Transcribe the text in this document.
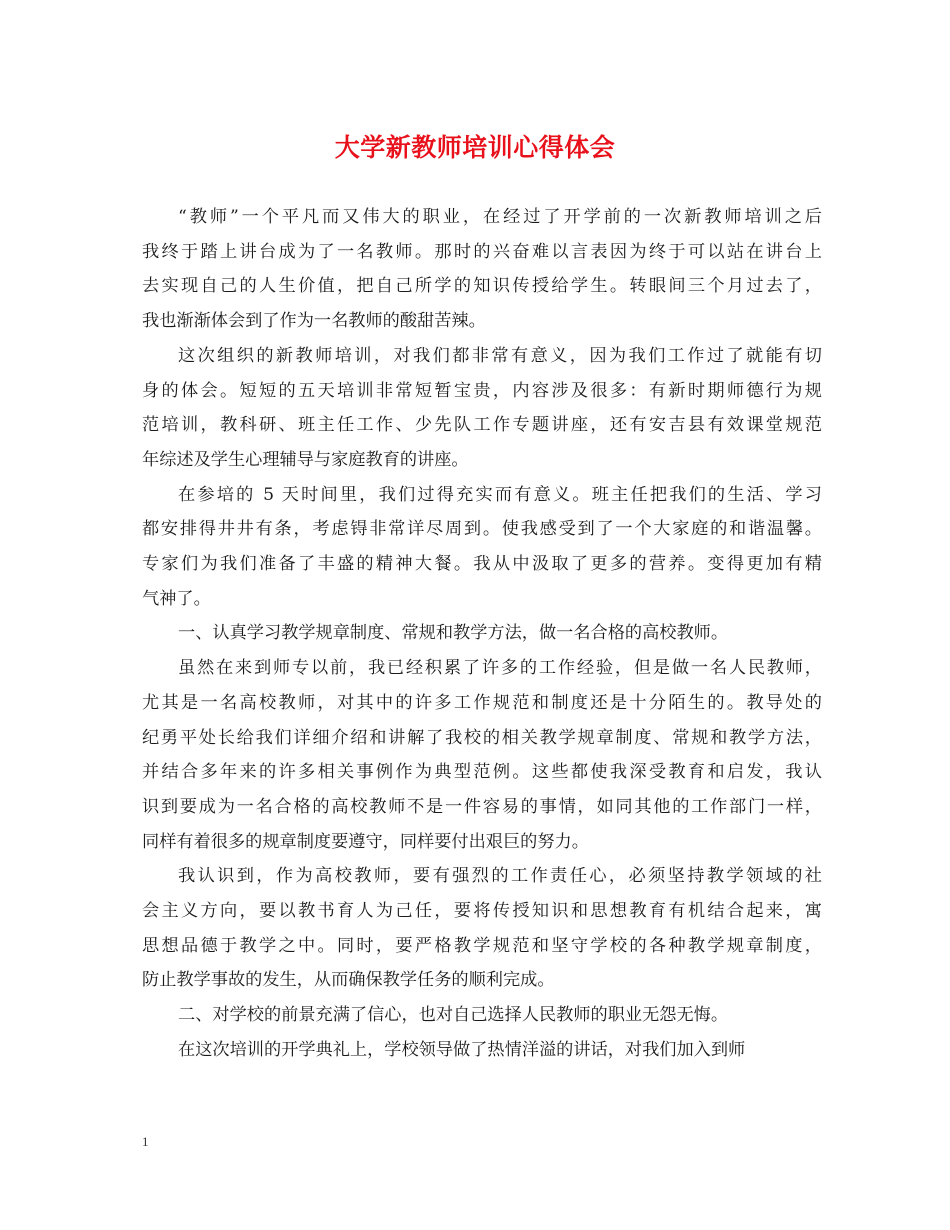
大学新教师培训心得体会

“教师”一个平凡而又伟大的职业，在经过了开学前的一次新教师培训之后
我终于踏上讲台成为了一名教师。那时的兴奋难以言表因为终于可以站在讲台上
去实现自己的人生价值，把自己所学的知识传授给学生。转眼间三个月过去了，
我也渐渐体会到了作为一名教师的酸甜苦辣。

这次组织的新教师培训，对我们都非常有意义，因为我们工作过了就能有切
身的体会。短短的五天培训非常短暂宝贵，内容涉及很多：有新时期师德行为规
范培训，教科研、班主任工作、少先队工作专题讲座，还有安吉县有效课堂规范
年综述及学生心理辅导与家庭教育的讲座。

在参培的 5 天时间里，我们过得充实而有意义。班主任把我们的生活、学习
都安排得井井有条，考虑锝非常详尽周到。使我感受到了一个大家庭的和谐温馨。
专家们为我们准备了丰盛的精神大餐。我从中汲取了更多的营养。变得更加有精
气神了。

一、认真学习教学规章制度、常规和教学方法，做一名合格的高校教师。

虽然在来到师专以前，我已经积累了许多的工作经验，但是做一名人民教师，
尤其是一名高校教师，对其中的许多工作规范和制度还是十分陌生的。教导处的
纪勇平处长给我们详细介绍和讲解了我校的相关教学规章制度、常规和教学方法，
并结合多年来的许多相关事例作为典型范例。这些都使我深受教育和启发，我认
识到要成为一名合格的高校教师不是一件容易的事情，如同其他的工作部门一样，
同样有着很多的规章制度要遵守，同样要付出艰巨的努力。

我认识到，作为高校教师，要有强烈的工作责任心，必须坚持教学领域的社
会主义方向，要以教书育人为己任，要将传授知识和思想教育有机结合起来，寓
思想品德于教学之中。同时，要严格教学规范和坚守学校的各种教学规章制度，
防止教学事故的发生，从而确保教学任务的顺利完成。

二、对学校的前景充满了信心，也对自己选择人民教师的职业无怨无悔。

在这次培训的开学典礼上，学校领导做了热情洋溢的讲话，对我们加入到师

1
